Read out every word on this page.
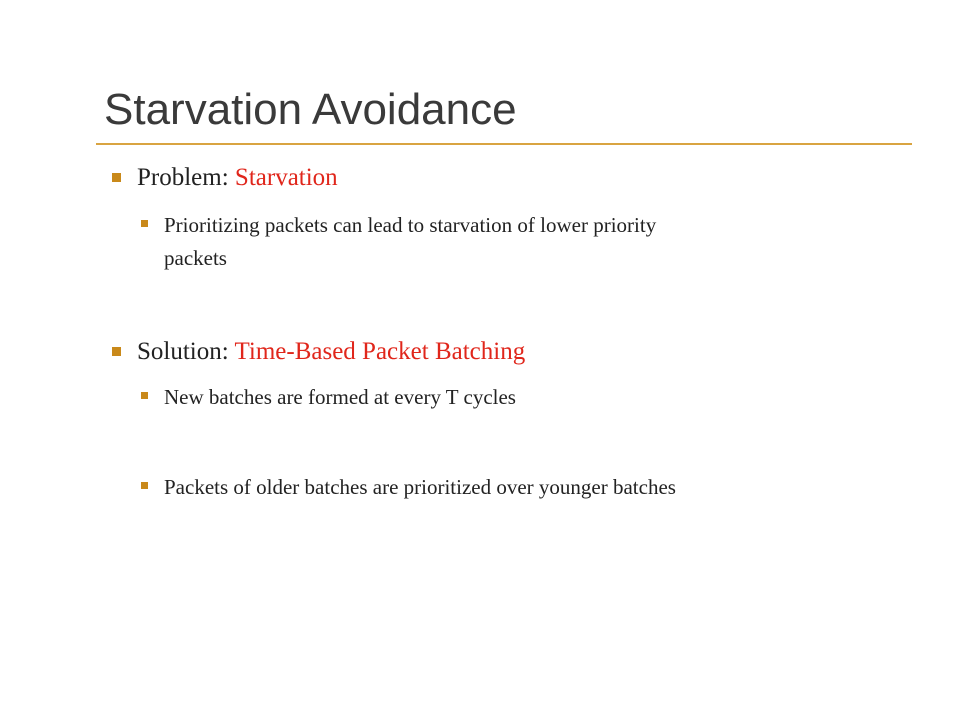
Starvation Avoidance
Problem: Starvation
Prioritizing packets can lead to starvation of lower priority
packets
Solution: Time-Based Packet Batching
New batches are formed at every T cycles
Packets of older batches are prioritized over younger batches
